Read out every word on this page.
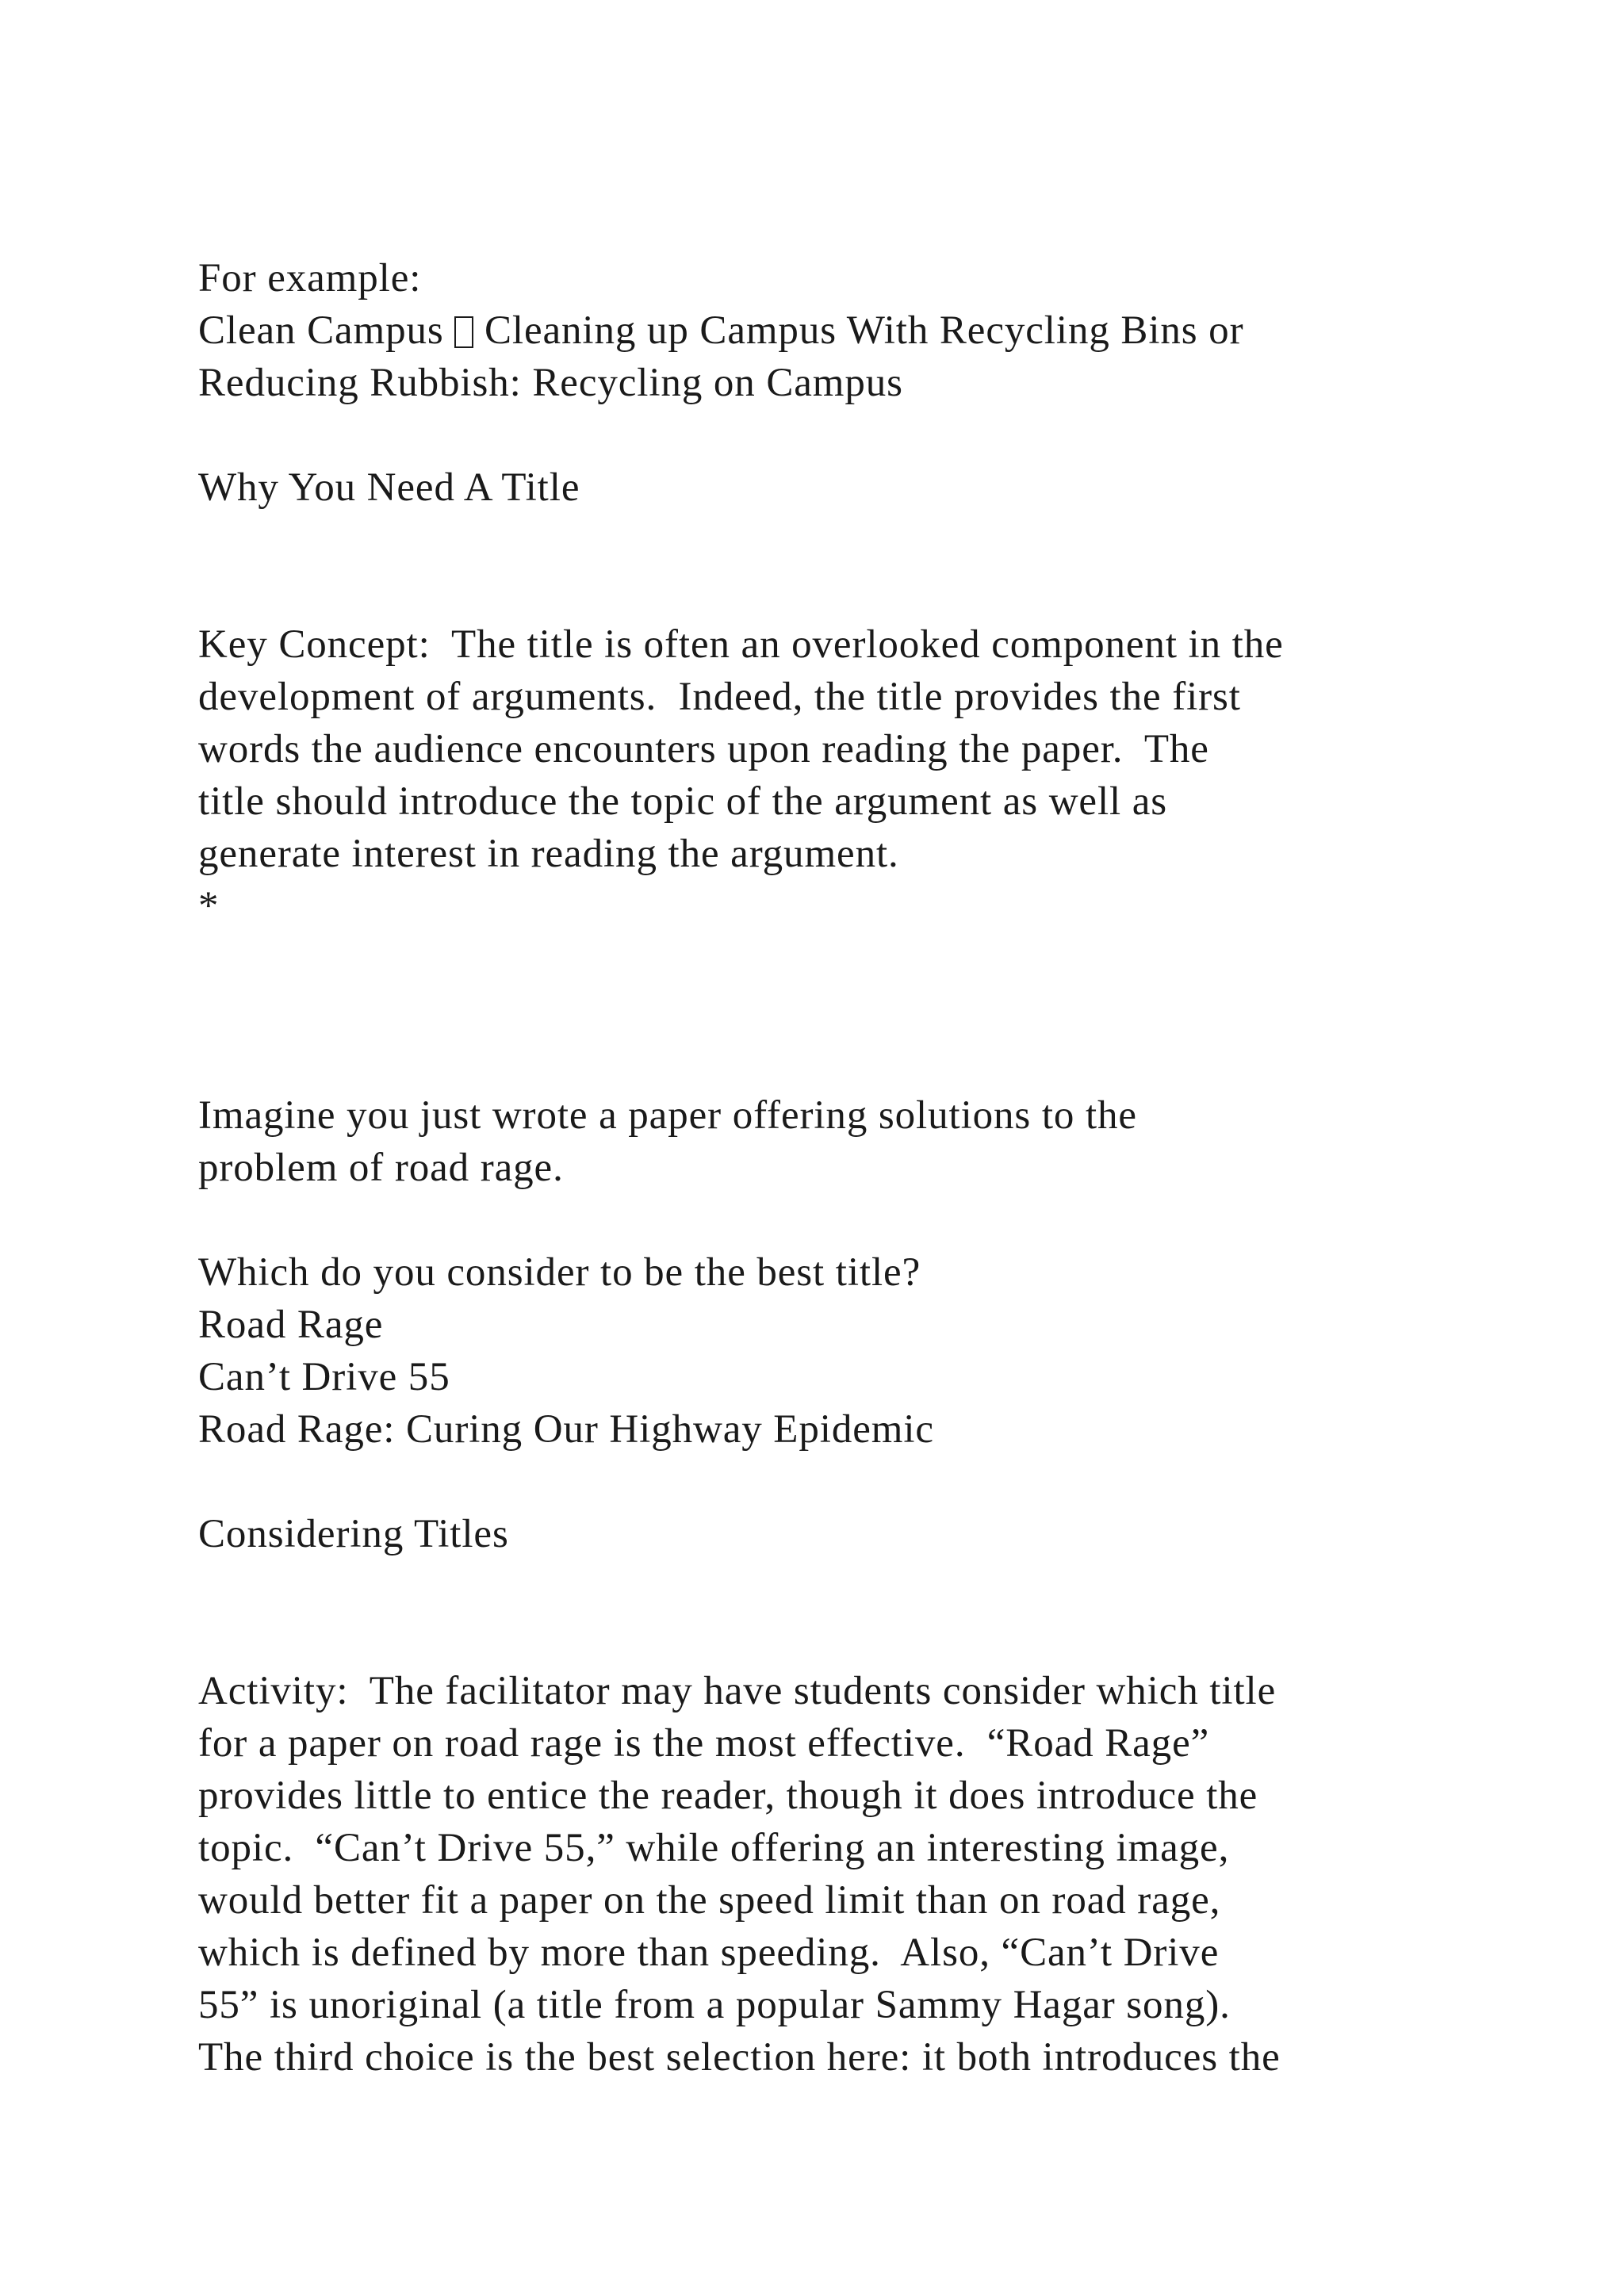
For example:
Clean Campus  Cleaning up Campus With Recycling Bins or
Reducing Rubbish: Recycling on Campus
Why You Need A Title
Key Concept:  The title is often an overlooked component in the
development of arguments.  Indeed, the title provides the first
words the audience encounters upon reading the paper.  The
title should introduce the topic of the argument as well as
generate interest in reading the argument.
*
Imagine you just wrote a paper offering solutions to the
problem of road rage.
Which do you consider to be the best title?
Road Rage
Can’t Drive 55
Road Rage: Curing Our Highway Epidemic
Considering Titles
Activity:  The facilitator may have students consider which title
for a paper on road rage is the most effective.  “Road Rage”
provides little to entice the reader, though it does introduce the
topic.  “Can’t Drive 55,” while offering an interesting image,
would better fit a paper on the speed limit than on road rage,
which is defined by more than speeding.  Also, “Can’t Drive
55” is unoriginal (a title from a popular Sammy Hagar song).
The third choice is the best selection here: it both introduces the
